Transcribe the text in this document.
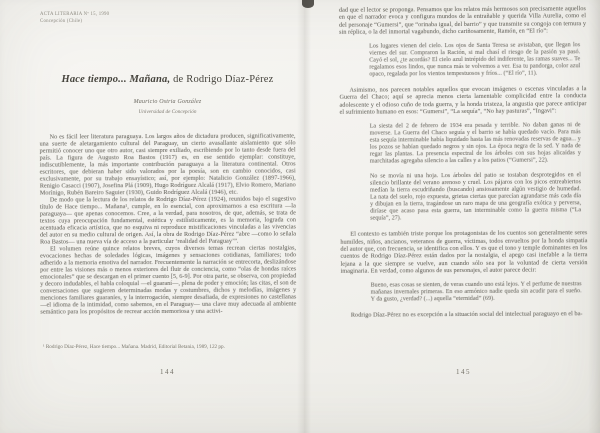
ACTA LITERARIA Nº 15, 1990
Concepción (Chile)
Hace tiempo... Mañana, de Rodrigo Díaz-Pérez
Mauricio Ostria González
Universidad de Concepción

No es fácil leer literatura paraguaya. Los largos años de dictadura producen, significativamente, una suerte de aletargamiento cultural del Paraguay, un cierto avasallante aislamiento que sólo permitió conocer uno que otro autor, casi siempre exiliado, escribiendo por lo tanto desde fuera del país. La figura de Augusto Roa Bastos (1917) es, en ese sentido ejemplar: constituye, indiscutiblemente, la más importante contribución paraguaya a la literatura continental. Otros escritores, que debieran haber sido valorados por la poesía, son en cambio conocidos, casi exclusivamente, por su trabajo ensayístico; así, por ejemplo: Natalicio González (1897-1966), Renigio Casacci (1907), Josefina Plá (1909), Hugo Rodríguez Alcalá (1917), Elvio Romero, Mariano Morínigo, Rubén Bareiro Saguier (1930), Guido Rodríguez Alcalá (1946), etc.

De modo que la lectura de los relatos de Rodrigo Díaz-Pérez (1924), reunidos bajo el sugestivo título de Hace tiempo... Mañana¹, cumple, en lo esencial, con aproximarnos a esa escritura —la paraguaya— que apenas conocemos. Cree, a la verdad, para nosotros, de que, además, se trata de textos cuya preocupación fundamental, estética y estilísticamente, es la memoria, lograda con acentuada eficacia artística, que no esquiva ni reproduce mistificaciones vinculadas a las vivencias del autor en su medio cultural de origen. Así, la obra de Rodrigo Díaz-Pérez “abre —como lo señala Roa Bastos— una nueva vía de acceso a la particular ‘realidad del Paraguay’”.

El volumen reúne quince relatos breves, cuyos diversos temas recrean ciertas nostalgias, evocaciones hechas de soledades lógicas, imágenes y sensaciones cotidianas, familiares; todo adherido a la memoria emotiva del narrador. Frecuentemente la narración se entrecorta, deslizándose por entre las visiones más o menos exteriores del fluir de conciencia, como “olas de hondas raíces emocionales” que se descargan en el primer cuento [5, 6-9]. Por otra parte, se observa, con propiedad y decoro indudables, el habla coloquial —el guaraní—, plena de poder y emoción; las citas, el son de conversaciones que sugieren determinadas modas y costumbres, dichos y melodías, imágenes y menciones familiares guaraníes, y la interrogación, siempre desafiada, de expresiones no castellanas —el idioma de la intimidad, como sabemos, en el Paraguay— una clave muy adecuada al ambiente semántico para los propósitos de recrear acción memoriosa y una activi-

¹ Rodrigo Díaz-Pérez, Hace tiempo... Mañana. Madrid, Editorial Betania, 1989, 122 pp.
144

dad que el lector se proponga. Pensamos que los relatos más hermosos son precisamente aquellos en que el narrador evoca y configura mundos de la entrañable y querida Villa Aurelia, como el del personaje “Gumersi”, que “orinaba igual, del barrio” y que transmite su congoja con ternura y sin réplica, o la del inmortal vagabundo, dicho cariñosamente, Ramón, en “El río”:

Los lugares vienen del cielo. Los ojos de Santa Teresa se avistaban, que llegan los viernes del sur. Compraron la Ración, si mal chasí el riesgo de la pasión ya pasó. Cayó el sol, ¿te acordás? El cielo azul intrépido del indiferente, las ramas suaves... Te regalamos esos lindos, que nunca más te volvemos a ver. Esa tu pandorga, color azul opaco, regalada por los vientos tempestuosos y fríos... (“El río”, 11).

Asimismo, nos parecen notables aquellos que evocan imágenes o escenas vinculadas a la Guerra del Chaco; aquí se aprecia menos cierta lamentable complicidad entre la conducta adolescente y el odioso cuño de toda guerra, y la honda tristeza, la angustia que parece anticipar el sufrimiento humano en esos: “Gumersi”, “La sequía”, “No hay pasturas”, “Ingavi”:

La siesta del 2 de febrero de 1934 era pesada y terrible. No daban ganas ni de moverse. La Guerra del Chaco seguía y el barrio se había quedado vacío. Para más esta sequía interminable había liquidado hasta las más renovadas reservas de agua... y los pozos se habían quedado negros y sin ojos. La época negra de la sed. Y nada de regar las plantas. La presencia espectral de los árboles con sus hojas alicaídas y marchitadas agregaba silencio a las calles y a los patios (“Gumersi”, 22).
No se movía ni una hoja. Los árboles del patio se tostaban desprotegidos en el silencio brillante del verano arenoso y cruel. Los pájaros con los picos entreabiertos medían la tierra escudriñando (buscando) ansiosamente algún vestigio de humedad. La nata del suelo, rojo expuesta, grietas ciertas que parecían agrandarse más cada día y dibujan en la tierra, tragándose un raro mapa de una geografía exótica y perversa, diríase que acaso pasa esta guerra, tan interminable como la guerra misma (“La sequía”, 27).

El contexto es también triste porque los protagonistas de los cuentos son generalmente seres humildes, niños, ancianos, veteranos de guerra, víctimas, todos envueltos por la honda simpatía del autor que, con frecuencia, se identifica con ellos. Y es que el tono y temple dominantes en los cuentos de Rodrigo Díaz-Pérez están dados por la nostalgia, el apego casi inefable a la tierra lejana a la que siempre se vuelve, aun cuando sólo sea por la voluntad de cierta versión imaginaria. En verdad, como algunos de sus personajes, el autor parece decir:

Bueno, esas cosas se sienten, de veras cuando uno está lejos. Y el perfume de nuestras mañanas invernales primeras. En eso armónico nadie queda sin acudir para el sueño. Y da gusto, ¿verdad? (...) aquella “eternidad” (69).

Rodrigo Díaz-Pérez no es excepción a la situación social del intelectual paraguayo en el ba-

145
